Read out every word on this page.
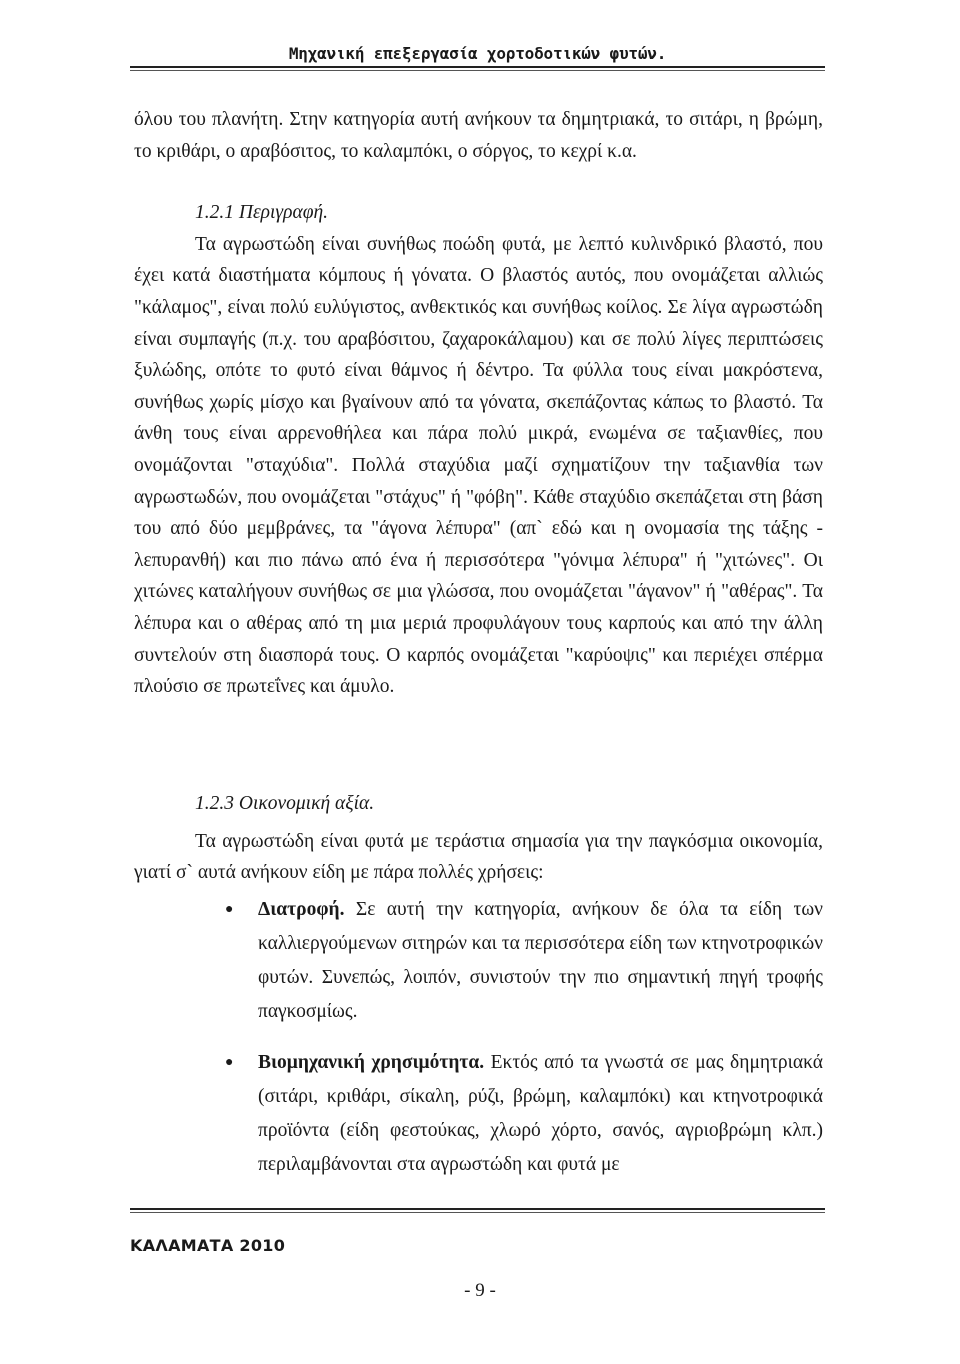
Μηχανική επεξεργασία χορτοδοτικών φυτών.

όλου του πλανήτη. Στην κατηγορία αυτή ανήκουν τα δημητριακά, το σιτάρι, η βρώμη, το κριθάρι, ο αραβόσιτος, το καλαμπόκι, ο σόργος, το κεχρί κ.α.

1.2.1 Περιγραφή.

Τα αγρωστώδη είναι συνήθως ποώδη φυτά, με λεπτό κυλινδρικό βλαστό, που έχει κατά διαστήματα κόμπους ή γόνατα. Ο βλαστός αυτός, που ονομάζεται αλλιώς "κάλαμος", είναι πολύ ευλύγιστος, ανθεκτικός και συνήθως κοίλος. Σε λίγα αγρωστώδη είναι συμπαγής (π.χ. του αραβόσιτου, ζαχαροκάλαμου) και σε πολύ λίγες περιπτώσεις ξυλώδης, οπότε το φυτό είναι θάμνος ή δέντρο. Τα φύλλα τους είναι μακρόστενα, συνήθως χωρίς μίσχο και βγαίνουν από τα γόνατα, σκεπάζοντας κάπως το βλαστό. Τα άνθη τους είναι αρρενοθήλεα και πάρα πολύ μικρά, ενωμένα σε ταξιανθίες, που ονομάζονται "σταχύδια". Πολλά σταχύδια μαζί σχηματίζουν την ταξιανθία των αγρωστωδών, που ονομάζεται "στάχυς" ή "φόβη". Κάθε σταχύδιο σκεπάζεται στη βάση του από δύο μεμβράνες, τα "άγονα λέπυρα" (απ` εδώ και η ονομασία της τάξης - λεπυρανθή) και πιο πάνω από ένα ή περισσότερα "γόνιμα λέπυρα" ή "χιτώνες". Οι χιτώνες καταλήγουν συνήθως σε μια γλώσσα, που ονομάζεται "άγανον" ή "αθέρας". Τα λέπυρα και ο αθέρας από τη μια μεριά προφυλάγουν τους καρπούς και από την άλλη συντελούν στη διασπορά τους. Ο καρπός ονομάζεται "καρύοψις" και περιέχει σπέρμα πλούσιο σε πρωτεΐνες και άμυλο.

1.2.3 Οικονομική αξία.

Τα αγρωστώδη είναι φυτά με τεράστια σημασία για την παγκόσμια οικονομία, γιατί σ` αυτά ανήκουν είδη με πάρα πολλές χρήσεις:

● Διατροφή. Σε αυτή την κατηγορία, ανήκουν δε όλα τα είδη των καλλιεργούμενων σιτηρών και τα περισσότερα είδη των κτηνοτροφικών φυτών. Συνεπώς, λοιπόν, συνιστούν την πιο σημαντική πηγή τροφής παγκοσμίως.
● Βιομηχανική χρησιμότητα. Εκτός από τα γνωστά σε μας δημητριακά (σιτάρι, κριθάρι, σίκαλη, ρύζι, βρώμη, καλαμπόκι) και κτηνοτροφικά προϊόντα (είδη φεστούκας, χλωρό χόρτο, σανός, αγριοβρώμη κλπ.) περιλαμβάνονται στα αγρωστώδη και φυτά με
ΚΑΛΑΜΑΤΑ 2010
- 9 -
